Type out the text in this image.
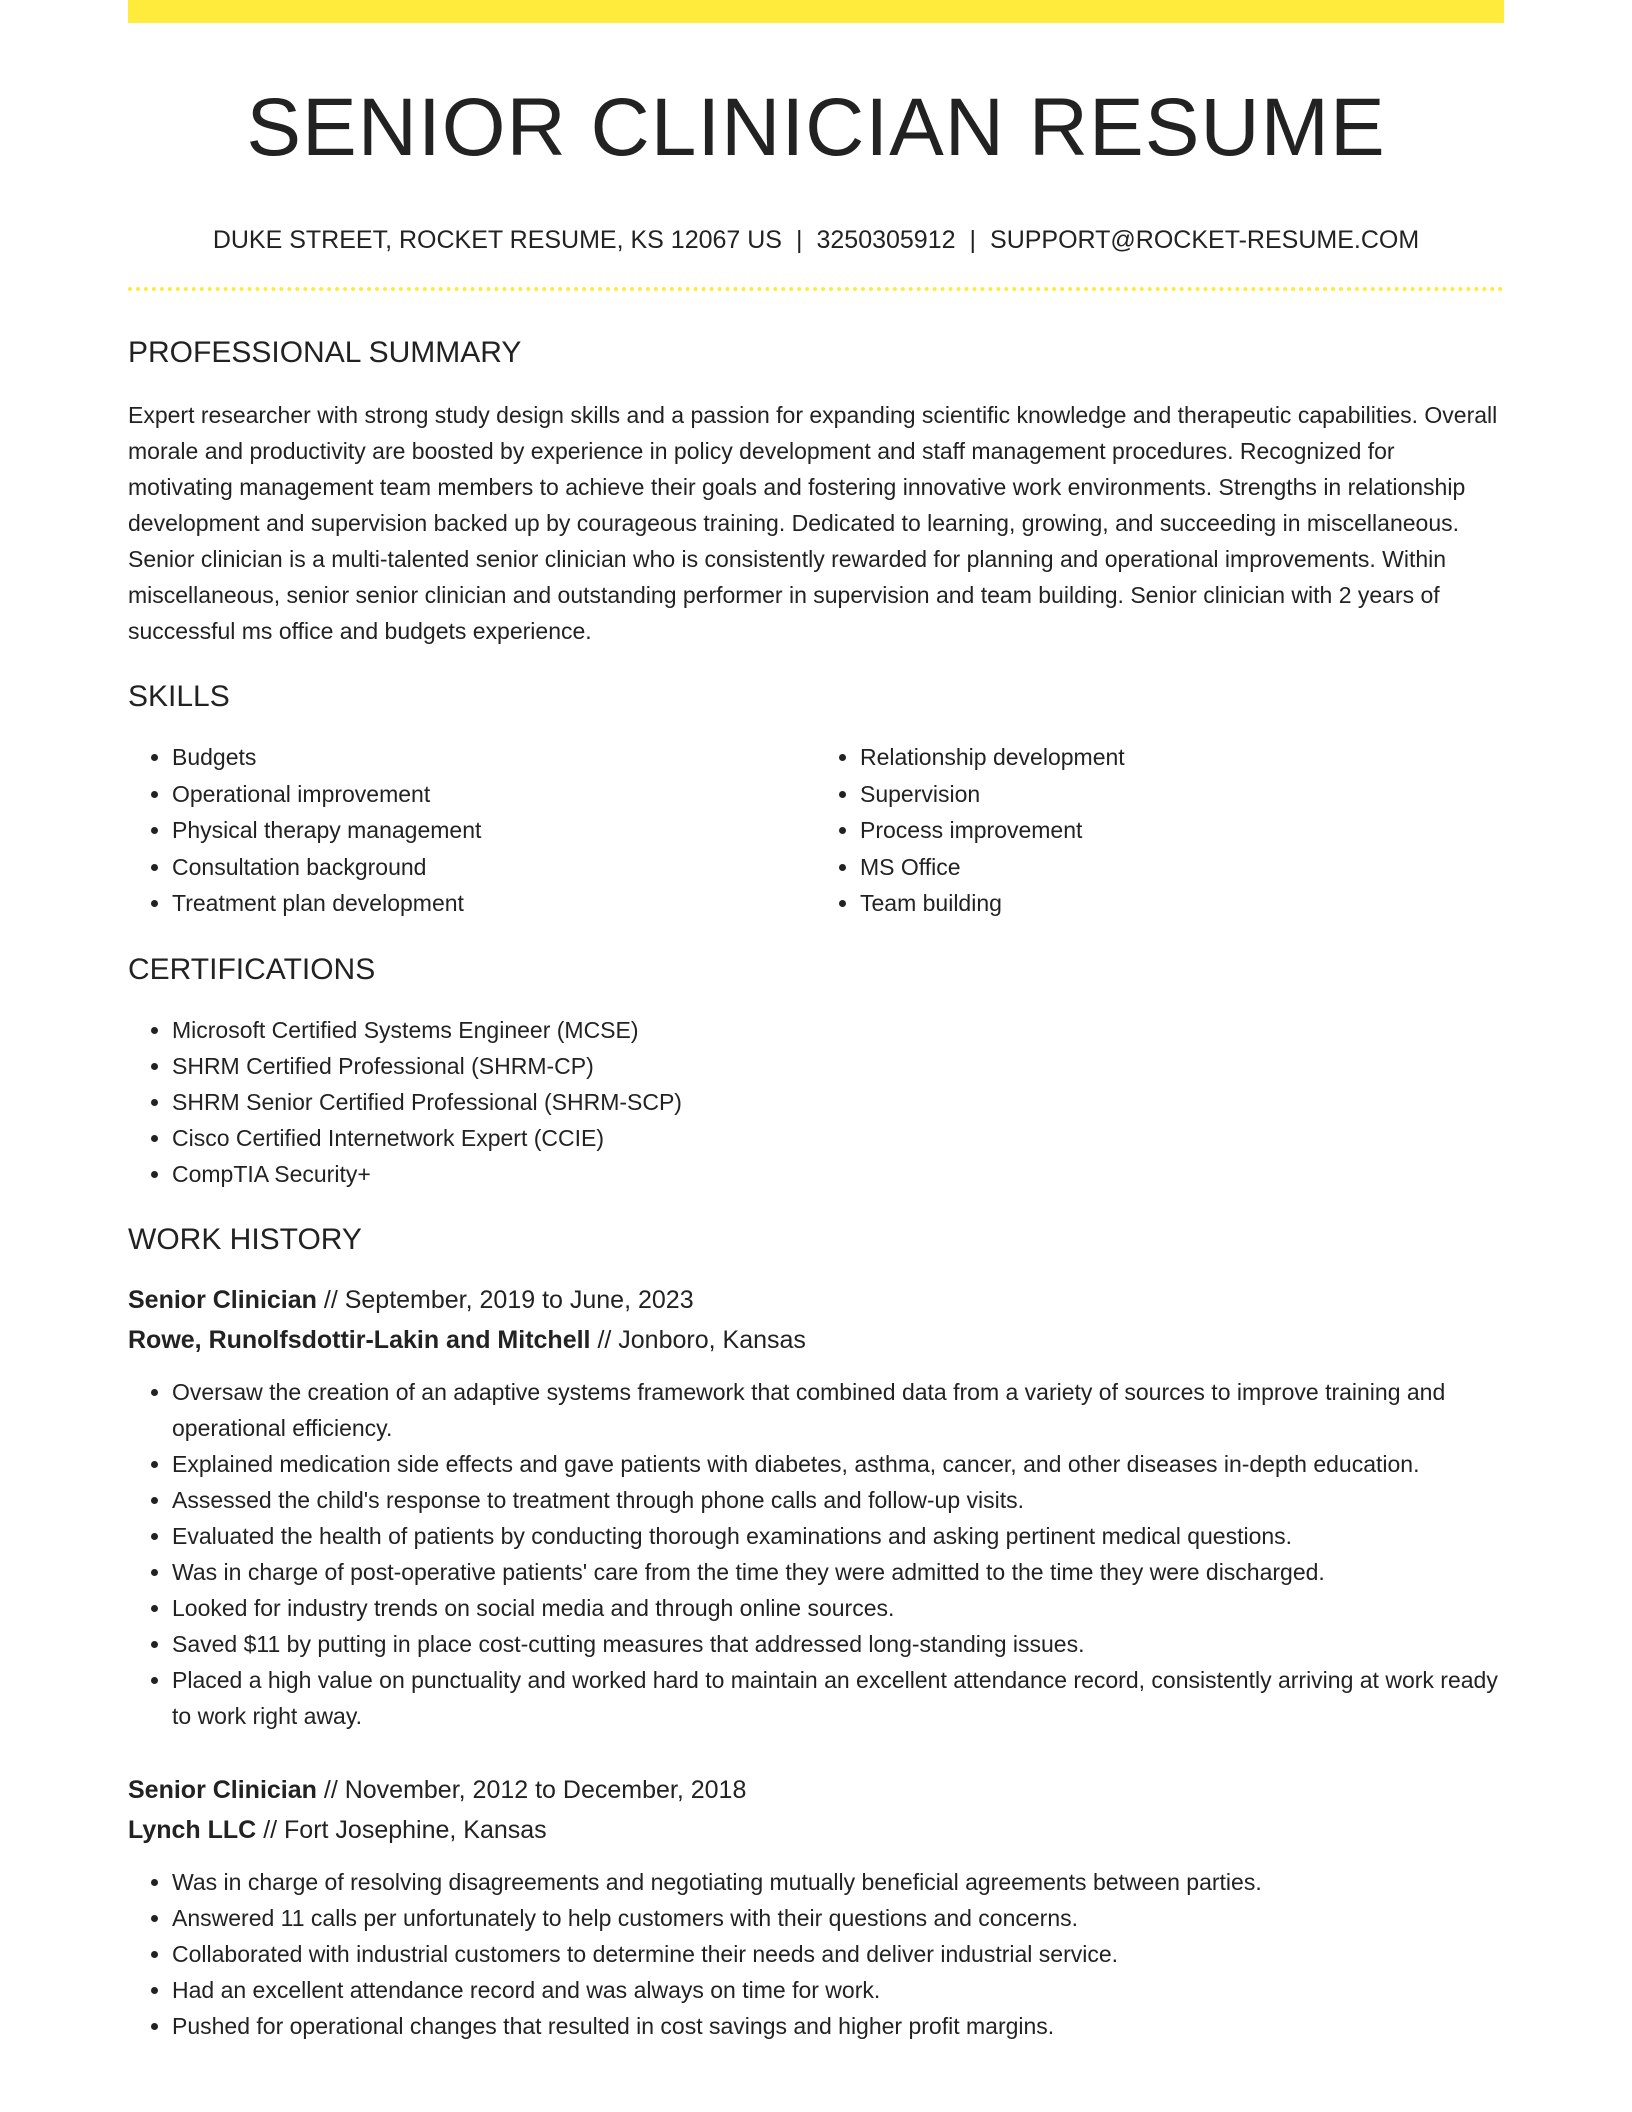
SENIOR CLINICIAN RESUME
DUKE STREET, ROCKET RESUME, KS 12067 US | 3250305912 | SUPPORT@ROCKET-RESUME.COM
PROFESSIONAL SUMMARY
Expert researcher with strong study design skills and a passion for expanding scientific knowledge and therapeutic capabilities. Overall morale and productivity are boosted by experience in policy development and staff management procedures. Recognized for motivating management team members to achieve their goals and fostering innovative work environments. Strengths in relationship development and supervision backed up by courageous training. Dedicated to learning, growing, and succeeding in miscellaneous. Senior clinician is a multi-talented senior clinician who is consistently rewarded for planning and operational improvements. Within miscellaneous, senior senior clinician and outstanding performer in supervision and team building. Senior clinician with 2 years of successful ms office and budgets experience.
SKILLS
• Budgets
• Operational improvement
• Physical therapy management
• Consultation background
• Treatment plan development
• Relationship development
• Supervision
• Process improvement
• MS Office
• Team building
CERTIFICATIONS
• Microsoft Certified Systems Engineer (MCSE)
• SHRM Certified Professional (SHRM-CP)
• SHRM Senior Certified Professional (SHRM-SCP)
• Cisco Certified Internetwork Expert (CCIE)
• CompTIA Security+
WORK HISTORY
Senior Clinician // September, 2019 to June, 2023
Rowe, Runolfsdottir-Lakin and Mitchell // Jonboro, Kansas
• Oversaw the creation of an adaptive systems framework that combined data from a variety of sources to improve training and operational efficiency.
• Explained medication side effects and gave patients with diabetes, asthma, cancer, and other diseases in-depth education.
• Assessed the child's response to treatment through phone calls and follow-up visits.
• Evaluated the health of patients by conducting thorough examinations and asking pertinent medical questions.
• Was in charge of post-operative patients' care from the time they were admitted to the time they were discharged.
• Looked for industry trends on social media and through online sources.
• Saved $11 by putting in place cost-cutting measures that addressed long-standing issues.
• Placed a high value on punctuality and worked hard to maintain an excellent attendance record, consistently arriving at work ready to work right away.
Senior Clinician // November, 2012 to December, 2018
Lynch LLC // Fort Josephine, Kansas
• Was in charge of resolving disagreements and negotiating mutually beneficial agreements between parties.
• Answered 11 calls per unfortunately to help customers with their questions and concerns.
• Collaborated with industrial customers to determine their needs and deliver industrial service.
• Had an excellent attendance record and was always on time for work.
• Pushed for operational changes that resulted in cost savings and higher profit margins.
